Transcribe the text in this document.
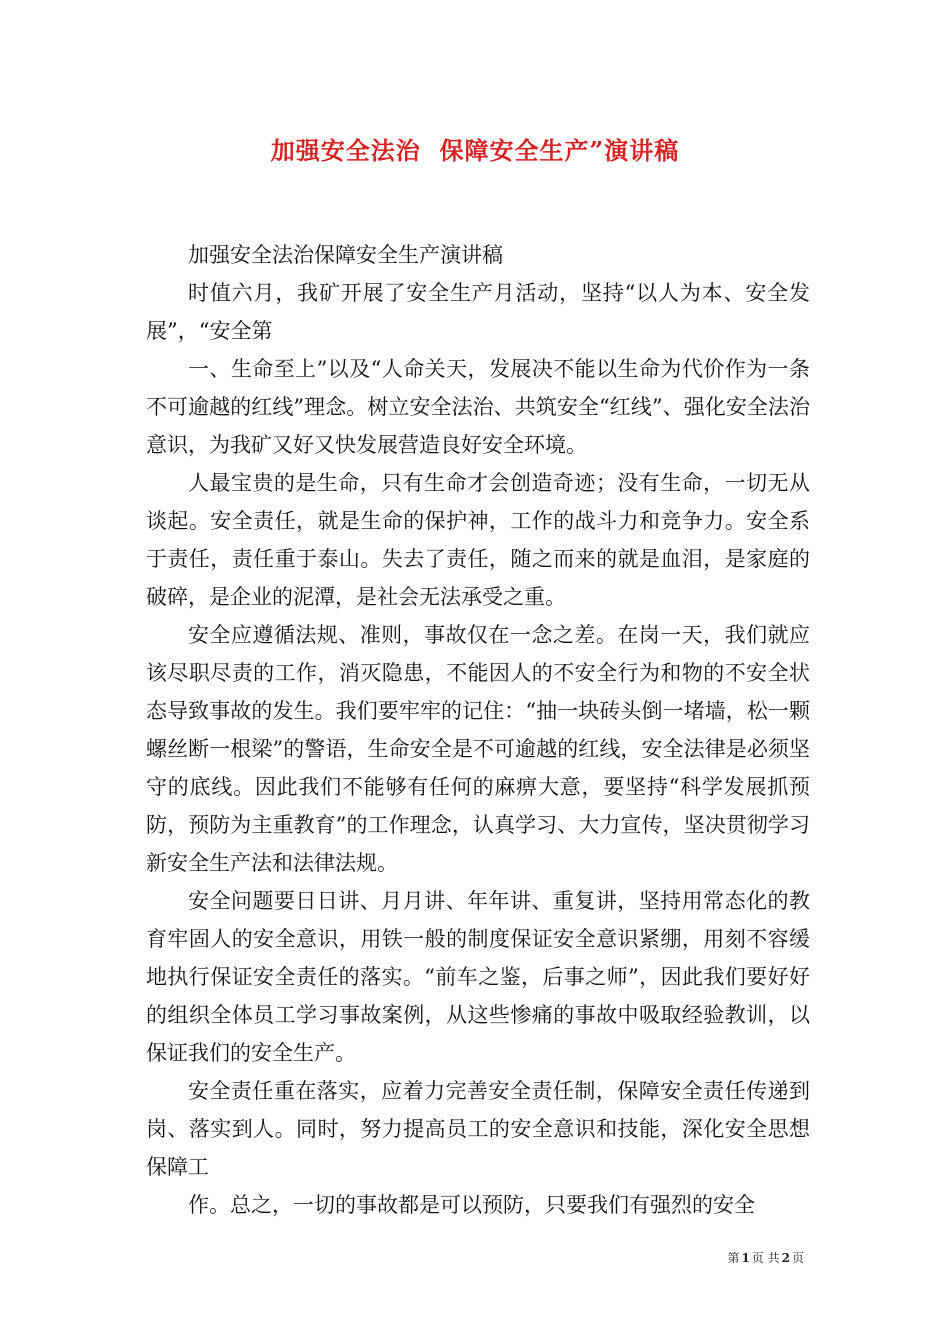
加强安全法治  保障安全生产”演讲稿

加强安全法治保障安全生产演讲稿

时值六月，我矿开展了安全生产月活动，坚持“以人为本、安全发展”，“安全第

一、生命至上”以及“人命关天，发展决不能以生命为代价作为一条不可逾越的红线”理念。树立安全法治、共筑安全“红线”、强化安全法治意识，为我矿又好又快发展营造良好安全环境。

人最宝贵的是生命，只有生命才会创造奇迹；没有生命，一切无从谈起。安全责任，就是生命的保护神，工作的战斗力和竞争力。安全系于责任，责任重于泰山。失去了责任，随之而来的就是血泪，是家庭的破碎，是企业的泥潭，是社会无法承受之重。

安全应遵循法规、准则，事故仅在一念之差。在岗一天，我们就应该尽职尽责的工作，消灭隐患，不能因人的不安全行为和物的不安全状态导致事故的发生。我们要牢牢的记住：“抽一块砖头倒一堵墙，松一颗螺丝断一根梁”的警语，生命安全是不可逾越的红线，安全法律是必须坚守的底线。因此我们不能够有任何的麻痹大意，要坚持“科学发展抓预防，预防为主重教育”的工作理念，认真学习、大力宣传，坚决贯彻学习新安全生产法和法律法规。

安全问题要日日讲、月月讲、年年讲、重复讲，坚持用常态化的教育牢固人的安全意识，用铁一般的制度保证安全意识紧绷，用刻不容缓地执行保证安全责任的落实。“前车之鉴，后事之师”，因此我们要好好的组织全体员工学习事故案例，从这些惨痛的事故中吸取经验教训，以保证我们的安全生产。

安全责任重在落实，应着力完善安全责任制，保障安全责任传递到岗、落实到人。同时，努力提高员工的安全意识和技能，深化安全思想保障工

作。总之，一切的事故都是可以预防，只要我们有强烈的安全

第 1 页 共 2 页
